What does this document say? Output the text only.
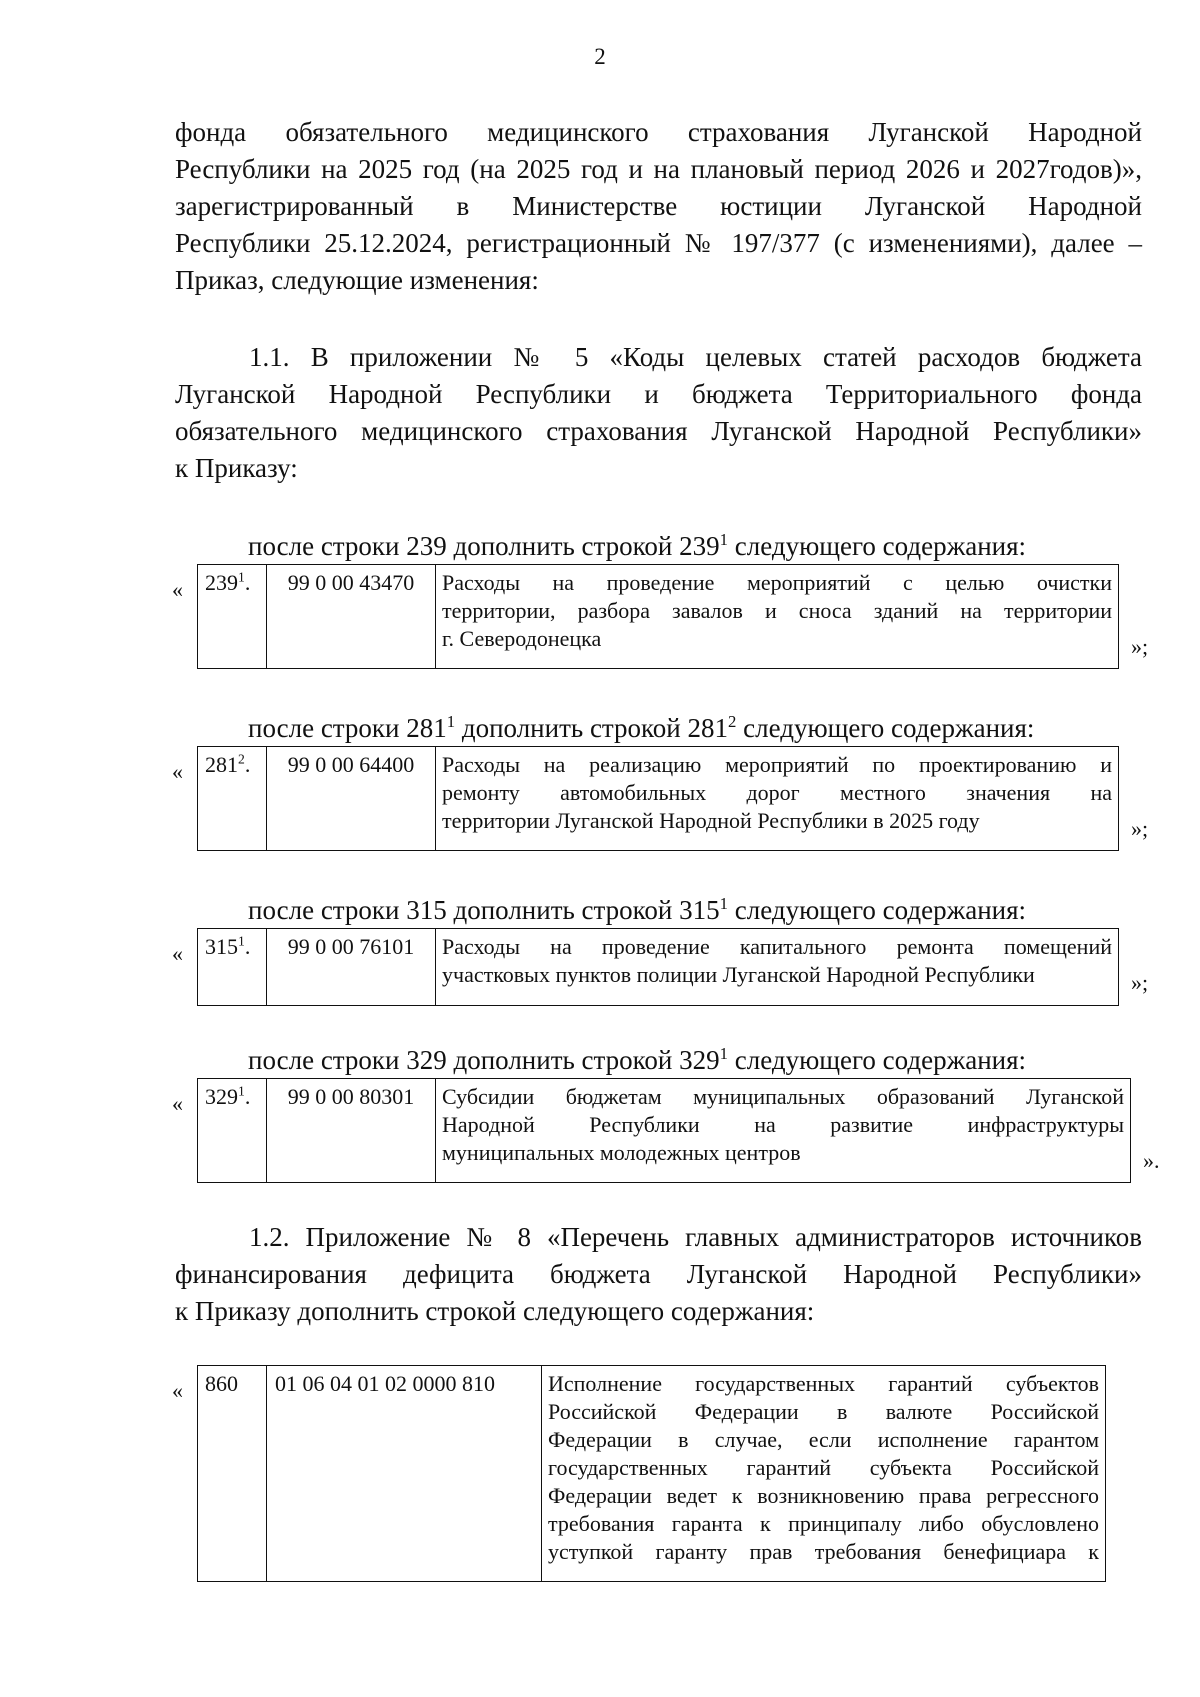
2
фонда обязательного медицинского страхования Луганской Народной
Республики на 2025 год (на 2025 год и на плановый период 2026 и 2027годов)»,
зарегистрированный в Министерстве юстиции Луганской Народной
Республики 25.12.2024, регистрационный № 197/377 (с изменениями), далее –
Приказ, следующие изменения:
1.1. В приложении № 5 «Коды целевых статей расходов бюджета
Луганской Народной Республики и бюджета Территориального фонда
обязательного медицинского страхования Луганской Народной Республики»
к Приказу:
после строки 239 дополнить строкой $239^1$ следующего содержания:
« $239^1$.	99 0 00 43470	Расходы на проведение мероприятий с целью очистки
территории, разбора завалов и сноса зданий на территории
г. Северодонецка	»;
после строки $281^1$ дополнить строкой $281^2$ следующего содержания:
« $281^2$.	99 0 00 64400	Расходы на реализацию мероприятий по проектированию и
ремонту автомобильных дорог местного значения на
территории Луганской Народной Республики в 2025 году	»;
после строки 315 дополнить строкой $315^1$ следующего содержания:
« $315^1$.	99 0 00 76101	Расходы на проведение капитального ремонта помещений
участковых пунктов полиции Луганской Народной Республики	»;
после строки 329 дополнить строкой $329^1$ следующего содержания:
« $329^1$.	99 0 00 80301	Субсидии бюджетам муниципальных образований Луганской
Народной Республики на развитие инфраструктуры
муниципальных молодежных центров	».
1.2. Приложение № 8 «Перечень главных администраторов источников
финансирования дефицита бюджета Луганской Народной Республики»
к Приказу дополнить строкой следующего содержания:
« 860	01 06 04 01 02 0000 810	Исполнение государственных гарантий субъектов
Российской Федерации в валюте Российской
Федерации в случае, если исполнение гарантом
государственных гарантий субъекта Российской
Федерации ведет к возникновению права регрессного
требования гаранта к принципалу либо обусловлено
уступкой гаранту прав требования бенефициара к
